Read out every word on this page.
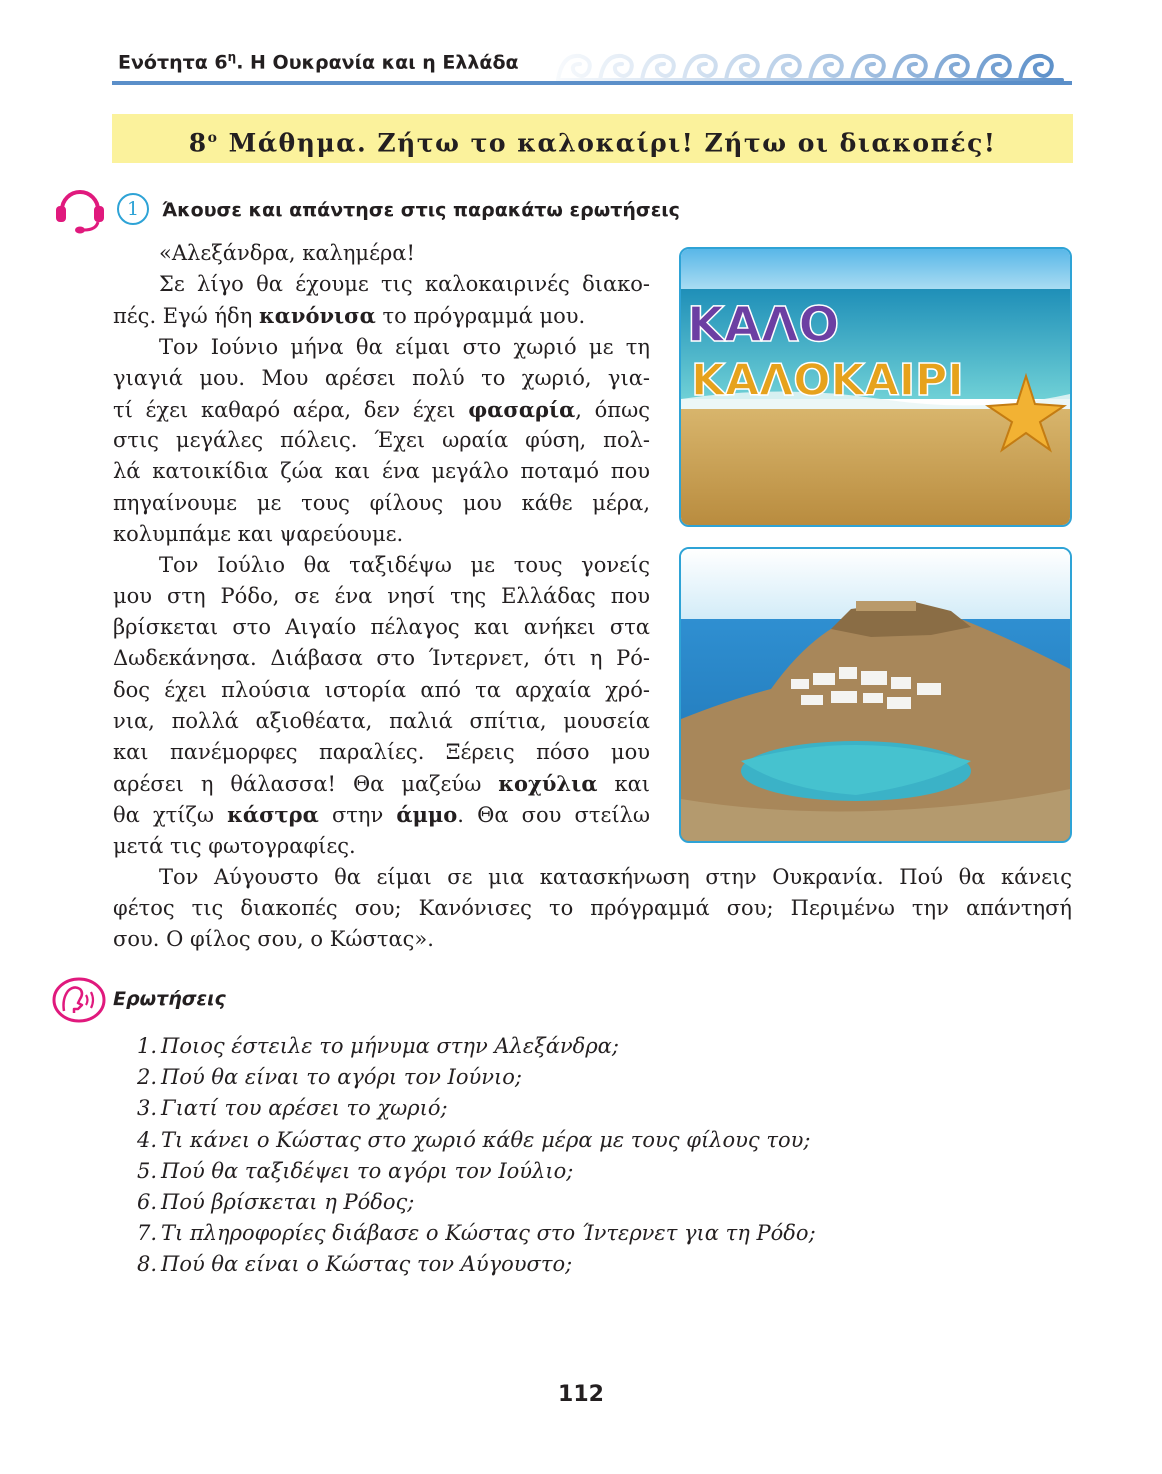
Ενότητα $6^\eta$. Η Ουκρανία και η Ελλάδα
$8^o$ Μάθημα. Ζήτω το καλοκαίρι! Ζήτω οι διακοπές!
1	Άκουσε και απάντησε στις παρακάτω ερωτήσεις
«Αλεξάνδρα, καλημέρα!
Σε λίγο θα έχουμε τις καλοκαιρινές διακο-
πές. Εγώ ήδη κανόνισα το πρόγραμμά μου.
Τον Ιούνιο μήνα θα είμαι στο χωριό με τη
γιαγιά μου. Μου αρέσει πολύ το χωριό, για-
τί έχει καθαρό αέρα, δεν έχει φασαρία, όπως
στις μεγάλες πόλεις. Έχει ωραία φύση, πολ-
λά κατοικίδια ζώα και ένα μεγάλο ποταμό που
πηγαίνουμε με τους φίλους μου κάθε μέρα,
κολυμπάμε και ψαρεύουμε.
Τον Ιούλιο θα ταξιδέψω με τους γονείς
μου στη Ρόδο, σε ένα νησί της Ελλάδας που
βρίσκεται στο Αιγαίο πέλαγος και ανήκει στα
Δωδεκάνησα. Διάβασα στο Ίντερνετ, ότι η Ρό-
δος έχει πλούσια ιστορία από τα αρχαία χρό-
νια, πολλά αξιοθέατα, παλιά σπίτια, μουσεία
και πανέμορφες παραλίες. Ξέρεις πόσο μου
αρέσει η θάλασσα! Θα μαζεύω κοχύλια και
θα χτίζω κάστρα στην άμμο. Θα σου στείλω
μετά τις φωτογραφίες.
Τον Αύγουστο θα είμαι σε μια κατασκήνωση στην Ουκρανία. Πού θα κάνεις
φέτος τις διακοπές σου; Κανόνισες το πρόγραμμά σου; Περιμένω την απάντησή
σου. Ο φίλος σου, ο Κώστας».
ΚΑΛΟ
ΚΑΛΟΚΑΙΡΙ
Ερωτήσεις
1. Ποιος έστειλε το μήνυμα στην Αλεξάνδρα;
2. Πού θα είναι το αγόρι τον Ιούνιο;
3. Γιατί του αρέσει το χωριό;
4. Τι κάνει ο Κώστας στο χωριό κάθε μέρα με τους φίλους του;
5. Πού θα ταξιδέψει το αγόρι τον Ιούλιο;
6. Πού βρίσκεται η Ρόδος;
7. Τι πληροφορίες διάβασε ο Κώστας στο Ίντερνετ για τη Ρόδο;
8. Πού θα είναι ο Κώστας τον Αύγουστο;
112
